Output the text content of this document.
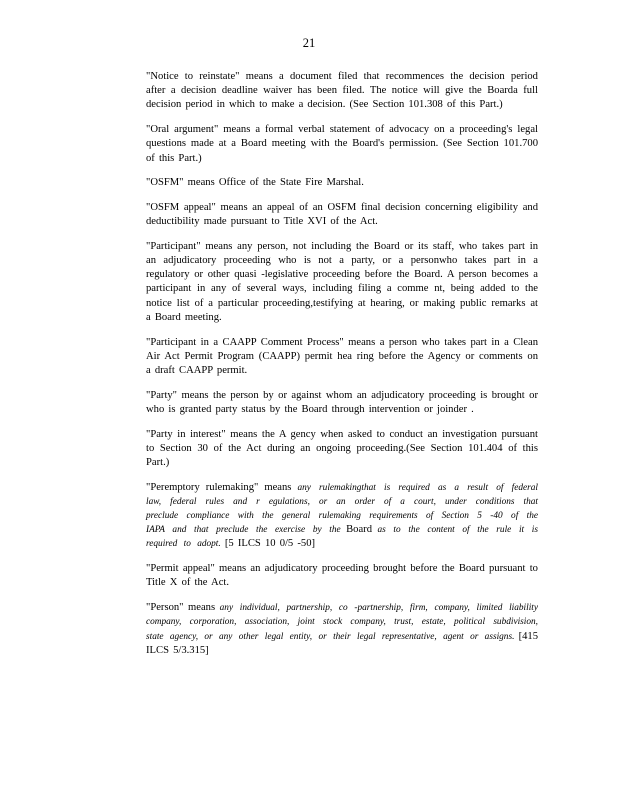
21

"Notice to reinstate" means a document filed that recommences the decision period after a decision deadline waiver has been filed. The notice will give the Boarda full decision period in which to make a decision. (See Section 101.308 of this Part.)

"Oral argument" means a formal verbal statement of advocacy on a proceeding's legal questions made at a Board meeting with the Board's permission. (See Section 101.700 of this Part.)

"OSFM" means Office of the State Fire Marshal.

"OSFM appeal" means an appeal of an OSFM final decision concerning eligibility and deductibility made pursuant to Title XVI of the Act.

"Participant" means any person, not including the Board or its staff, who takes part in an adjudicatory proceeding who is not a party, or a personwho takes part in a regulatory or other quasi -legislative proceeding before the Board. A person becomes a participant in any of several ways, including filing a comme nt, being added to the notice list of a particular proceeding,testifying at hearing, or making public remarks at a Board meeting.

"Participant in a CAAPP Comment Process" means a person who takes part in a Clean Air Act Permit Program (CAAPP) permit hea ring before the Agency or comments on a draft CAAPP permit.

"Party" means the person by or against whom an adjudicatory proceeding is brought or who is granted party status by the Board through intervention or joinder .

"Party in interest" means the A gency when asked to conduct an investigation pursuant to Section 30 of the Act during an ongoing proceeding.(See Section 101.404 of this Part.)

"Peremptory rulemaking" means any rulemakingthat is required as a result of federal law, federal rules and r egulations, or an order of a court, under conditions that preclude compliance with the general rulemaking requirements of Section 5 -40 of the IAPA and that preclude the exercise by the Board as to the content of the rule it is required to adopt. [5 ILCS 10 0/5 -50]

"Permit appeal" means an adjudicatory proceeding brought before the Board pursuant to Title X of the Act.

"Person" means any individual, partnership, co -partnership, firm, company, limited liability company, corporation, association, joint stock company, trust, estate, political subdivision, state agency, or any other legal entity, or their legal representative, agent or assigns. [415 ILCS 5/3.315]
